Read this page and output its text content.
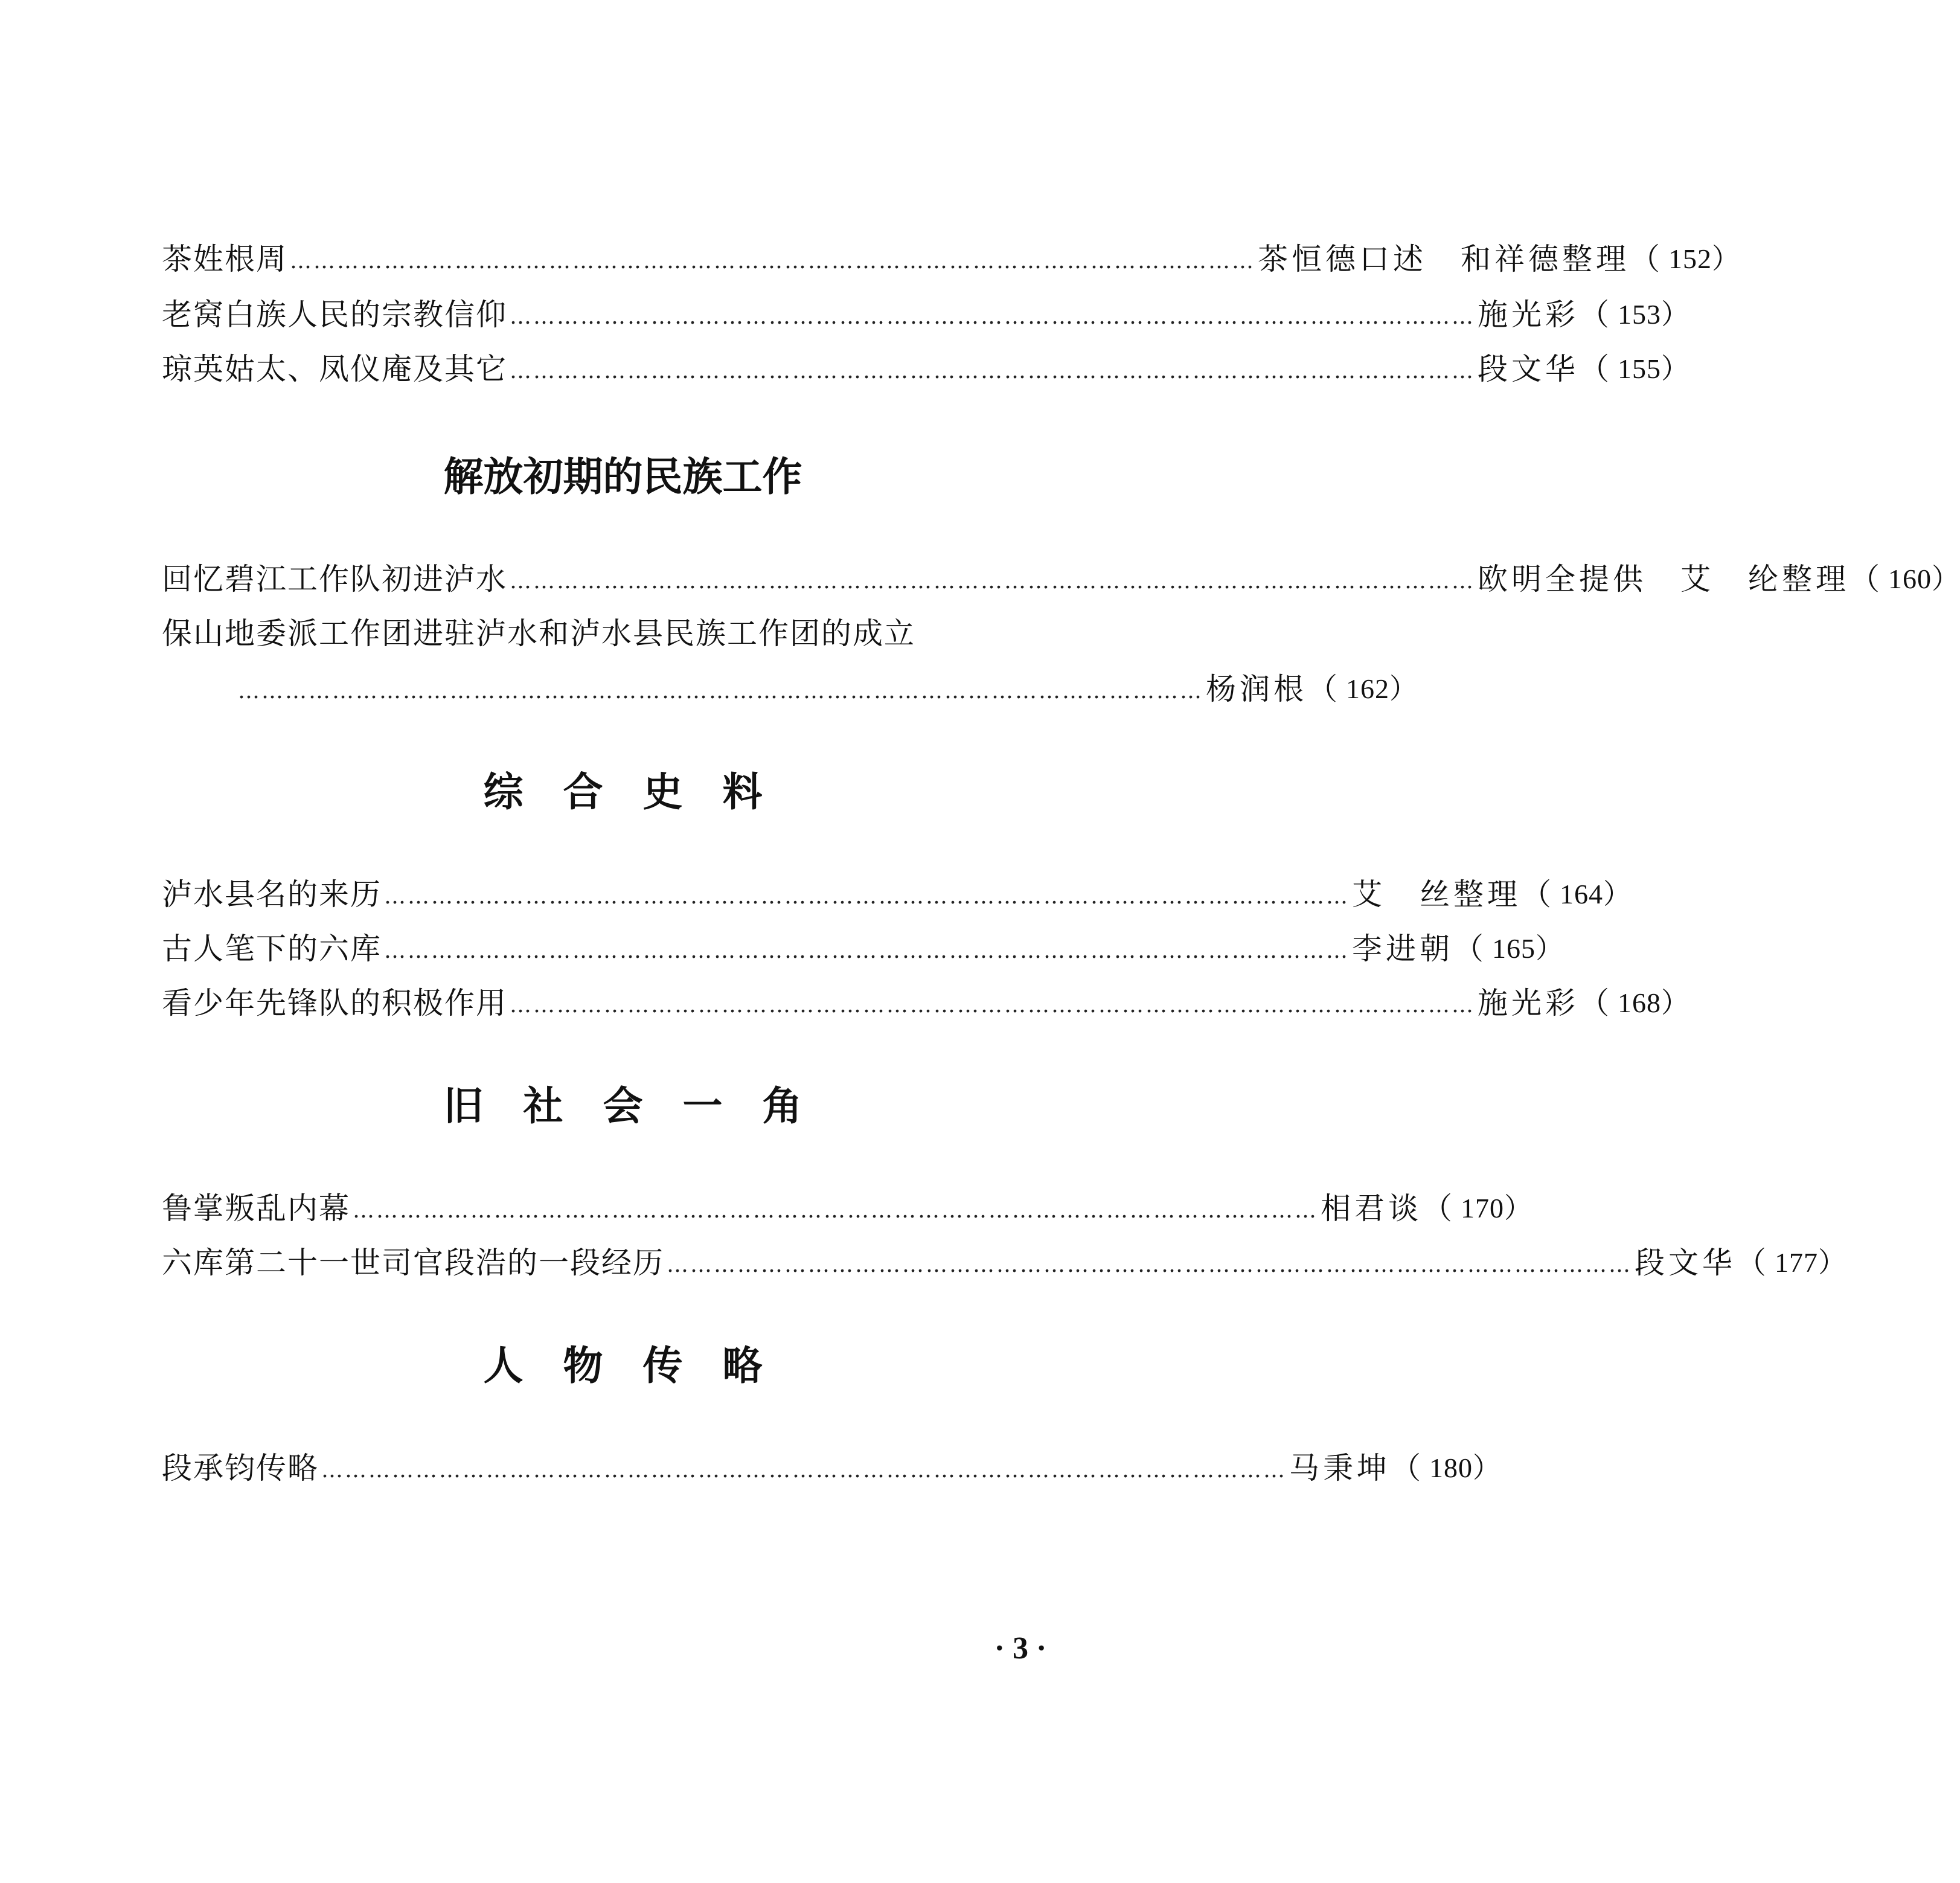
茶姓根周 …………………………………………………………………………………………………………… 茶恒德口述　和祥德整理（ 152）
老窝白族人民的宗教信仰 …………………………………………………………………………………………………………… 施光彩（ 153）
琼英姑太、凤仪庵及其它 …………………………………………………………………………………………………………… 段文华（ 155）
解放初期的民族工作
回忆碧江工作队初进泸水 …………………………………………………………………………………………………………… 欧明全提供　艾　纶整理（ 160）
保山地委派工作团进驻泸水和泸水县民族工作团的成立
…………………………………………………………………………………………………………… 杨润根（ 162）
综　合　史　料
泸水县名的来历 …………………………………………………………………………………………………………… 艾　丝整理（ 164）
古人笔下的六库 …………………………………………………………………………………………………………… 李进朝（ 165）
看少年先锋队的积极作用 …………………………………………………………………………………………………………… 施光彩（ 168）
旧　社　会　一　角
鲁掌叛乱内幕 …………………………………………………………………………………………………………… 相君谈（ 170）
六库第二十一世司官段浩的一段经历 …………………………………………………………………………………………………………… 段文华（ 177）
人　物　传　略
段承钧传略 …………………………………………………………………………………………………………… 马秉坤（ 180）
· 3 ·
